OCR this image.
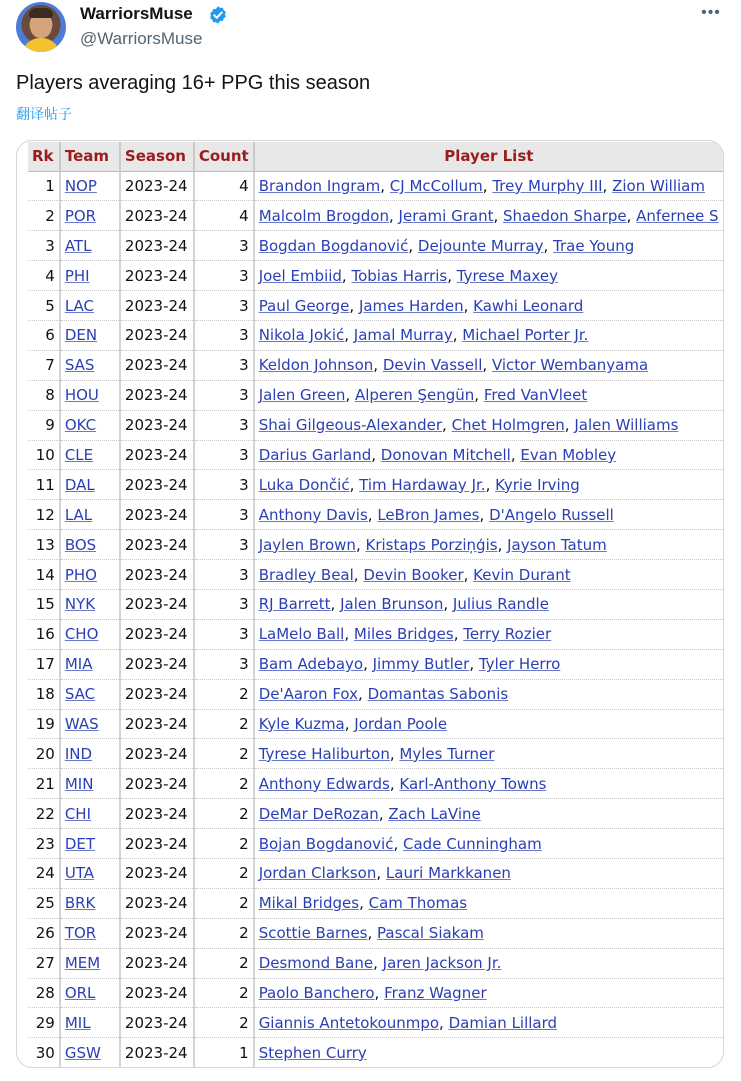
WarriorsMuse
@WarriorsMuse
•••
Players averaging 16+ PPG this season
翻译帖子
Rk	Team	Season	Count	Player List
1	NOP	2023-24	4	Brandon Ingram, CJ McCollum, Trey Murphy III, Zion William
2	POR	2023-24	4	Malcolm Brogdon, Jerami Grant, Shaedon Sharpe, Anfernee S
3	ATL	2023-24	3	Bogdan Bogdanović, Dejounte Murray, Trae Young
4	PHI	2023-24	3	Joel Embiid, Tobias Harris, Tyrese Maxey
5	LAC	2023-24	3	Paul George, James Harden, Kawhi Leonard
6	DEN	2023-24	3	Nikola Jokić, Jamal Murray, Michael Porter Jr.
7	SAS	2023-24	3	Keldon Johnson, Devin Vassell, Victor Wembanyama
8	HOU	2023-24	3	Jalen Green, Alperen Şengün, Fred VanVleet
9	OKC	2023-24	3	Shai Gilgeous-Alexander, Chet Holmgren, Jalen Williams
10	CLE	2023-24	3	Darius Garland, Donovan Mitchell, Evan Mobley
11	DAL	2023-24	3	Luka Dončić, Tim Hardaway Jr., Kyrie Irving
12	LAL	2023-24	3	Anthony Davis, LeBron James, D'Angelo Russell
13	BOS	2023-24	3	Jaylen Brown, Kristaps Porziņģis, Jayson Tatum
14	PHO	2023-24	3	Bradley Beal, Devin Booker, Kevin Durant
15	NYK	2023-24	3	RJ Barrett, Jalen Brunson, Julius Randle
16	CHO	2023-24	3	LaMelo Ball, Miles Bridges, Terry Rozier
17	MIA	2023-24	3	Bam Adebayo, Jimmy Butler, Tyler Herro
18	SAC	2023-24	2	De'Aaron Fox, Domantas Sabonis
19	WAS	2023-24	2	Kyle Kuzma, Jordan Poole
20	IND	2023-24	2	Tyrese Haliburton, Myles Turner
21	MIN	2023-24	2	Anthony Edwards, Karl-Anthony Towns
22	CHI	2023-24	2	DeMar DeRozan, Zach LaVine
23	DET	2023-24	2	Bojan Bogdanović, Cade Cunningham
24	UTA	2023-24	2	Jordan Clarkson, Lauri Markkanen
25	BRK	2023-24	2	Mikal Bridges, Cam Thomas
26	TOR	2023-24	2	Scottie Barnes, Pascal Siakam
27	MEM	2023-24	2	Desmond Bane, Jaren Jackson Jr.
28	ORL	2023-24	2	Paolo Banchero, Franz Wagner
29	MIL	2023-24	2	Giannis Antetokounmpo, Damian Lillard
30	GSW	2023-24	1	Stephen Curry
